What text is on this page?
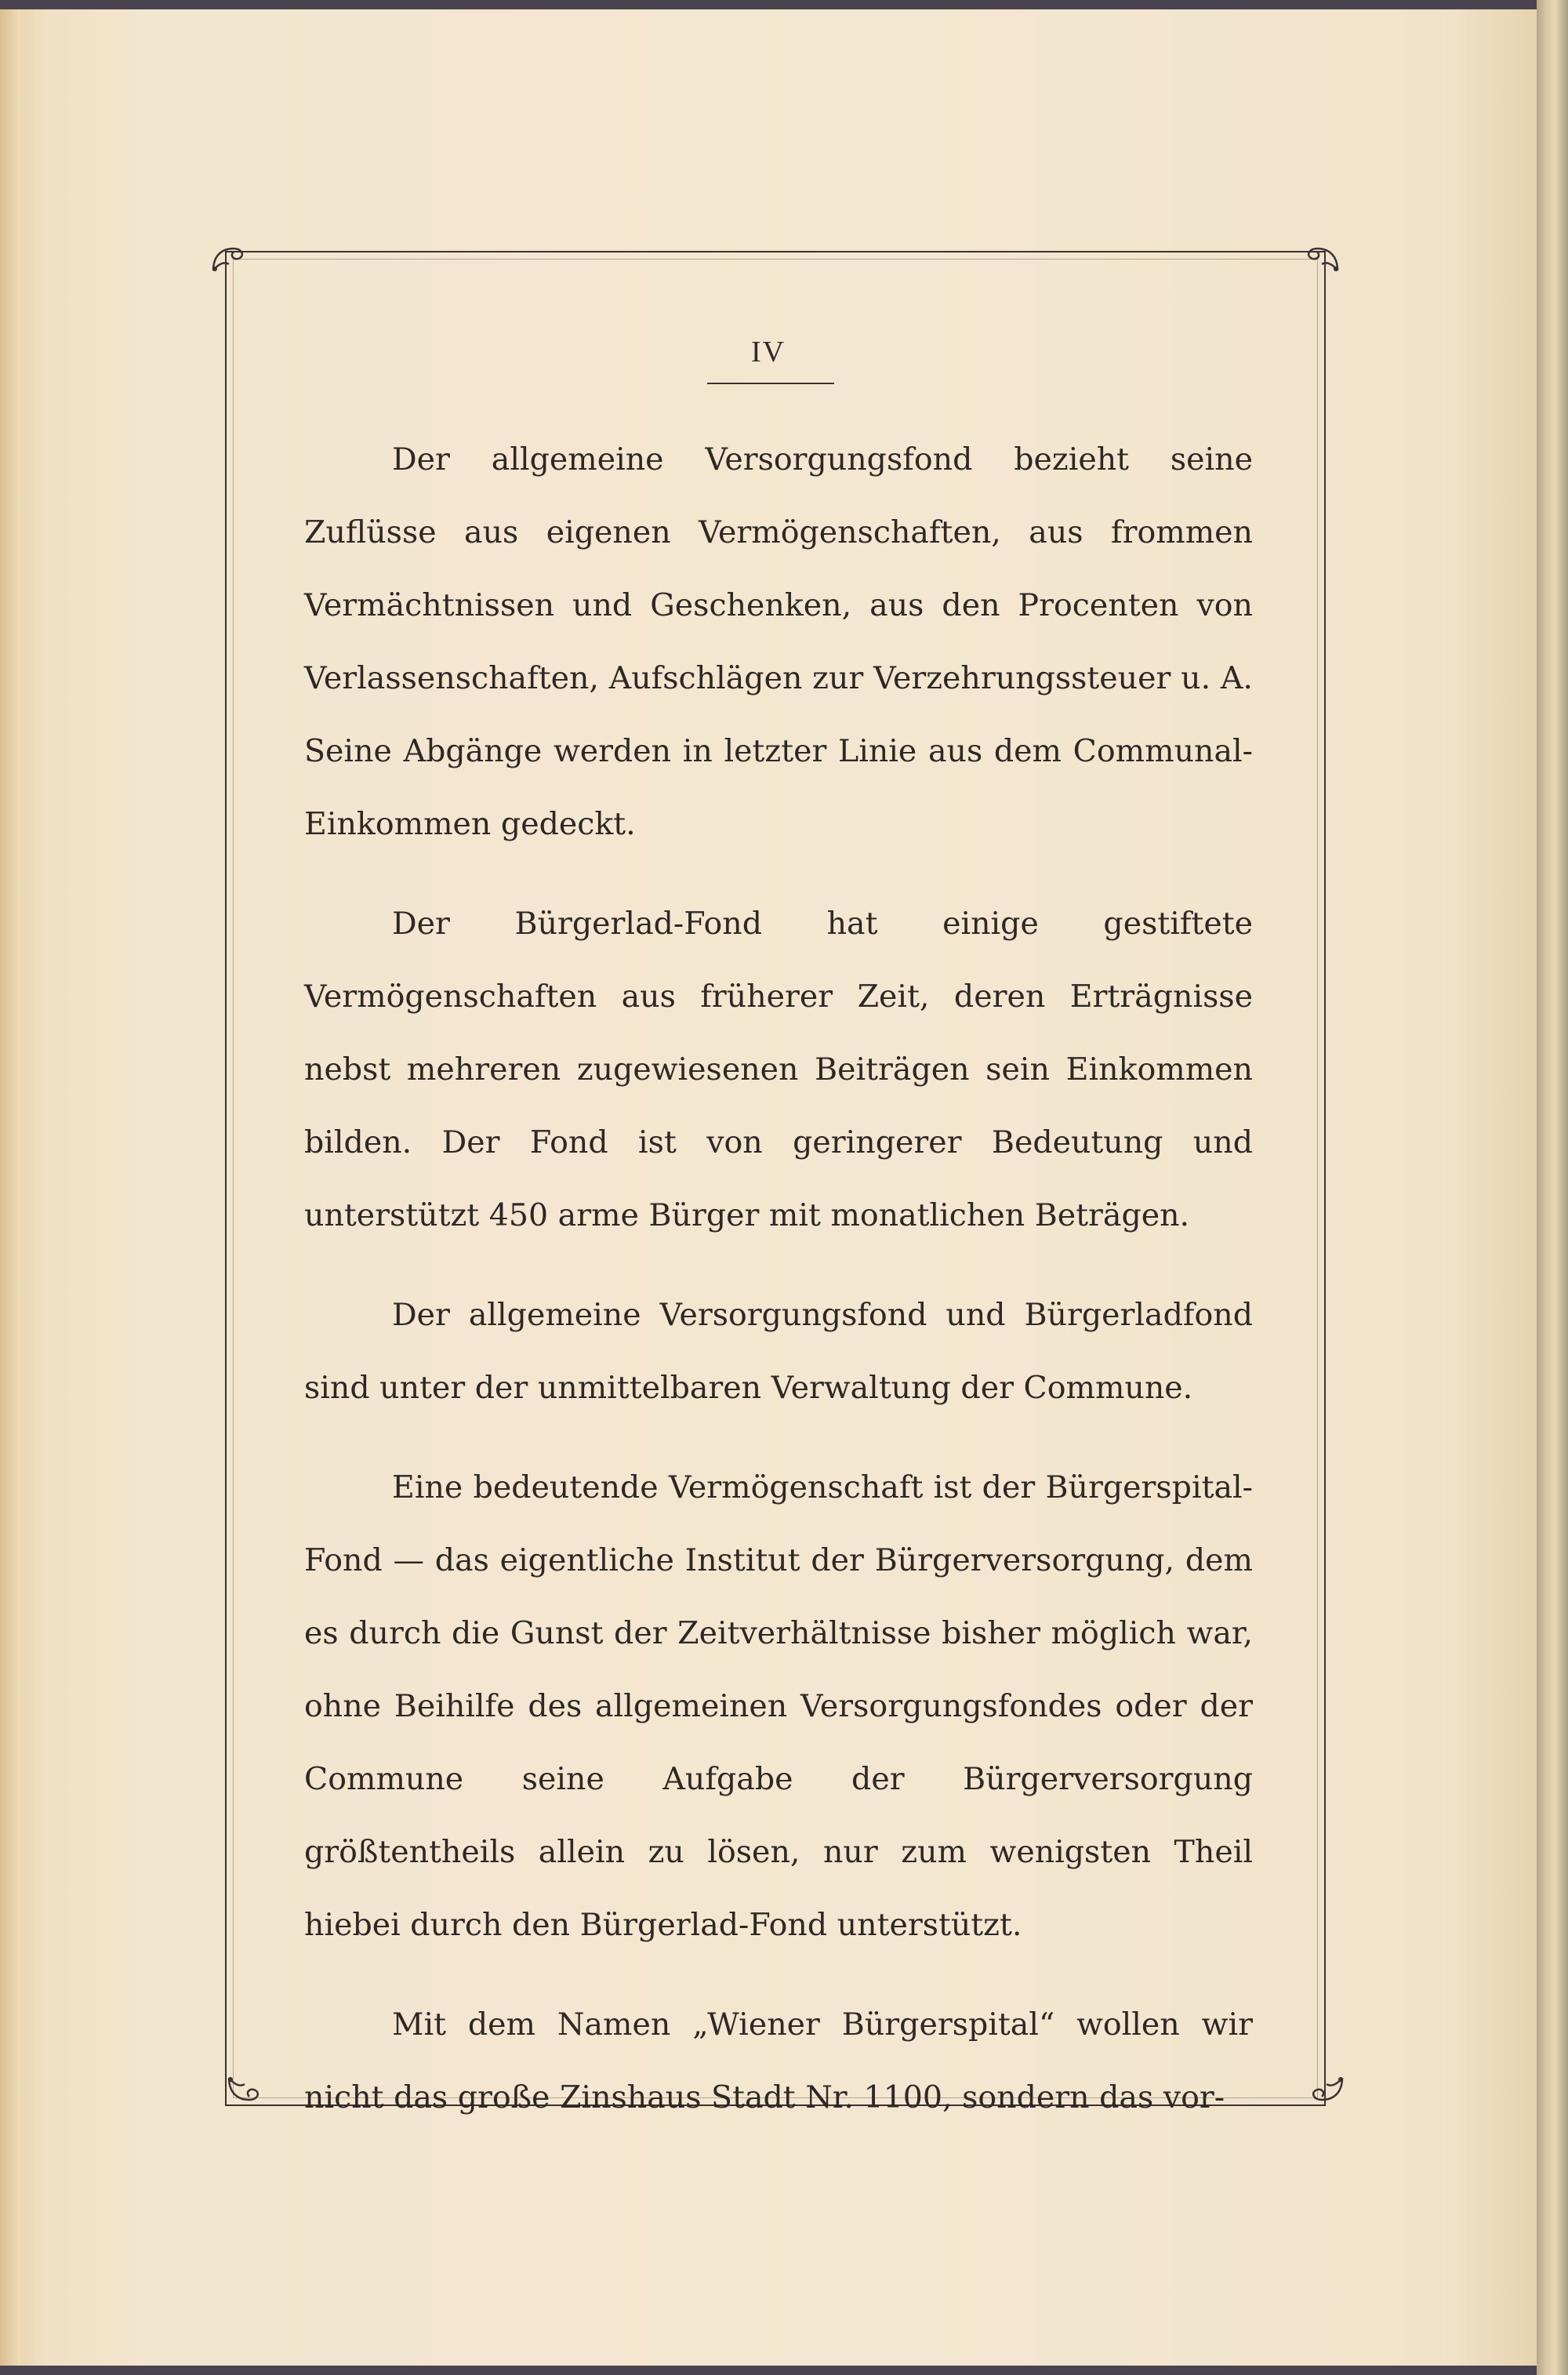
IV

Der allgemeine Versorgungsfond bezieht seine Zuflüsse aus eigenen Vermögenschaften, aus frommen Vermächtnissen und Geschenken, aus den Procenten von Verlassenschaften, Aufschlägen zur Verzehrungssteuer u. A. Seine Abgänge werden in letzter Linie aus dem Communal-Einkommen gedeckt.

Der Bürgerlad-Fond hat einige gestiftete Vermögenschaften aus früherer Zeit, deren Erträgnisse nebst mehreren zugewiesenen Beiträgen sein Einkommen bilden. Der Fond ist von geringerer Bedeutung und unterstützt 450 arme Bürger mit monatlichen Beträgen.

Der allgemeine Versorgungsfond und Bürgerladfond sind unter der unmittelbaren Verwaltung der Commune.

Eine bedeutende Vermögenschaft ist der Bürgerspital-Fond — das eigentliche Institut der Bürgerversorgung, dem es durch die Gunst der Zeitverhältnisse bisher möglich war, ohne Beihilfe des allgemeinen Versorgungsfondes oder der Commune seine Aufgabe der Bürgerversorgung größtentheils allein zu lösen, nur zum wenigsten Theil hiebei durch den Bürgerlad-Fond unterstützt.

Mit dem Namen „Wiener Bürgerspital“ wollen wir nicht das große Zinshaus Stadt Nr. 1100, sondern das vor-
